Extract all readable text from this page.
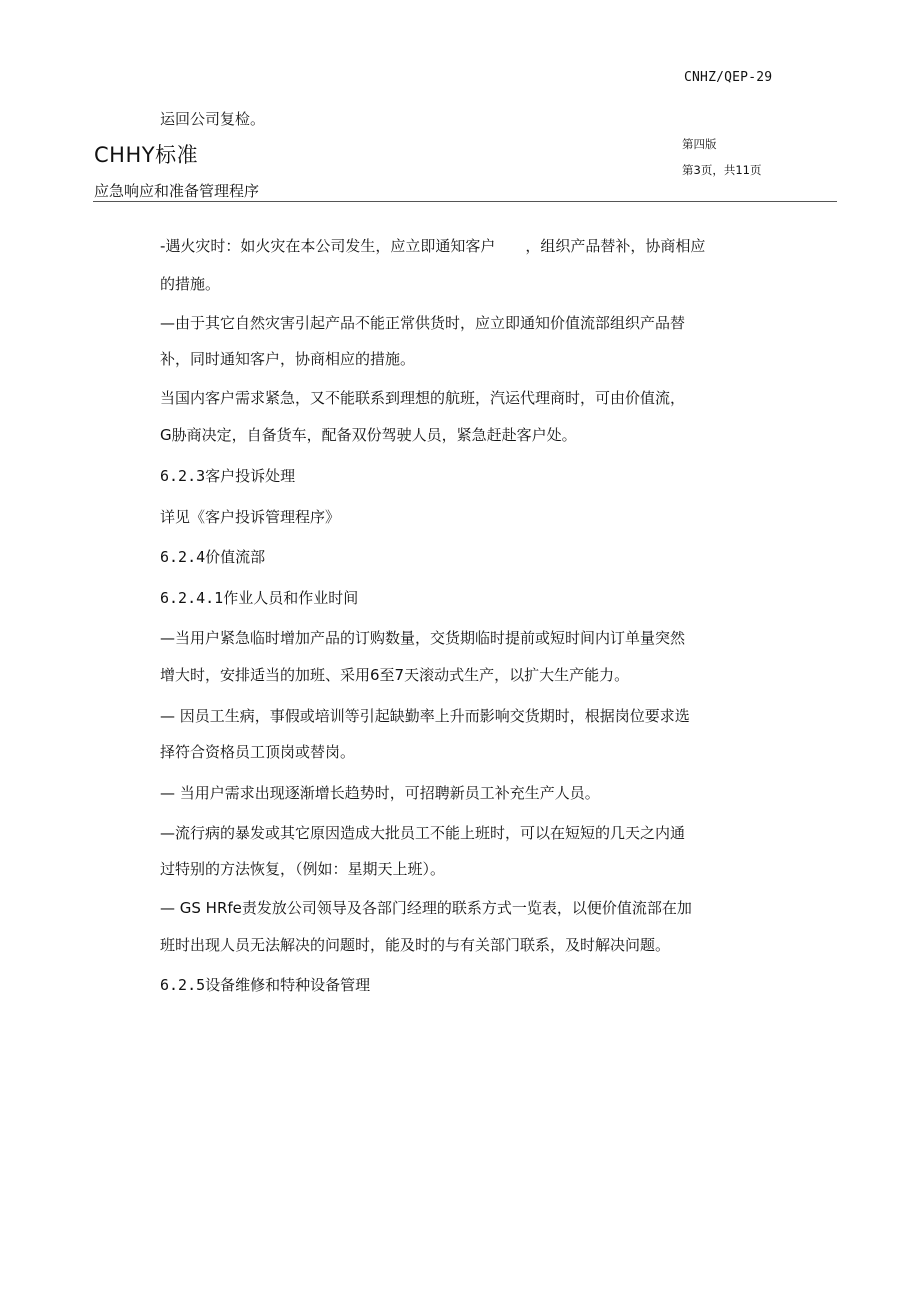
CNHZ/QEP-29
运回公司复检。
CHHY标准	第四版
第3页，共11页
应急响应和准备管理程序
-遇火灾时：如火灾在本公司发生，应立即通知客户　　，组织产品替补，协商相应
的措施。
—由于其它自然灾害引起产品不能正常供货时，应立即通知价值流部组织产品替
补，同时通知客户，协商相应的措施。
当国内客户需求紧急，又不能联系到理想的航班，汽运代理商时，可由价值流，
G胁商决定，自备货车，配备双份驾驶人员，紧急赶赴客户处。
6.2.3客户投诉处理
详见《客户投诉管理程序》
6.2.4价值流部
6.2.4.1作业人员和作业时间
—当用户紧急临时增加产品的订购数量，交货期临时提前或短时间内订单量突然
增大时，安排适当的加班、采用6至7天滚动式生产，以扩大生产能力。
— 因员工生病，事假或培训等引起缺勤率上升而影响交货期时，根据岗位要求选
择符合资格员工顶岗或替岗。
— 当用户需求出现逐渐增长趋势时，可招聘新员工补充生产人员。
—流行病的暴发或其它原因造成大批员工不能上班时，可以在短短的几天之内通
过特别的方法恢复，（例如：星期天上班）。
— GS HRfe责发放公司领导及各部门经理的联系方式一览表，以便价值流部在加
班时出现人员无法解决的问题时，能及时的与有关部门联系，及时解决问题。
6.2.5设备维修和特种设备管理
